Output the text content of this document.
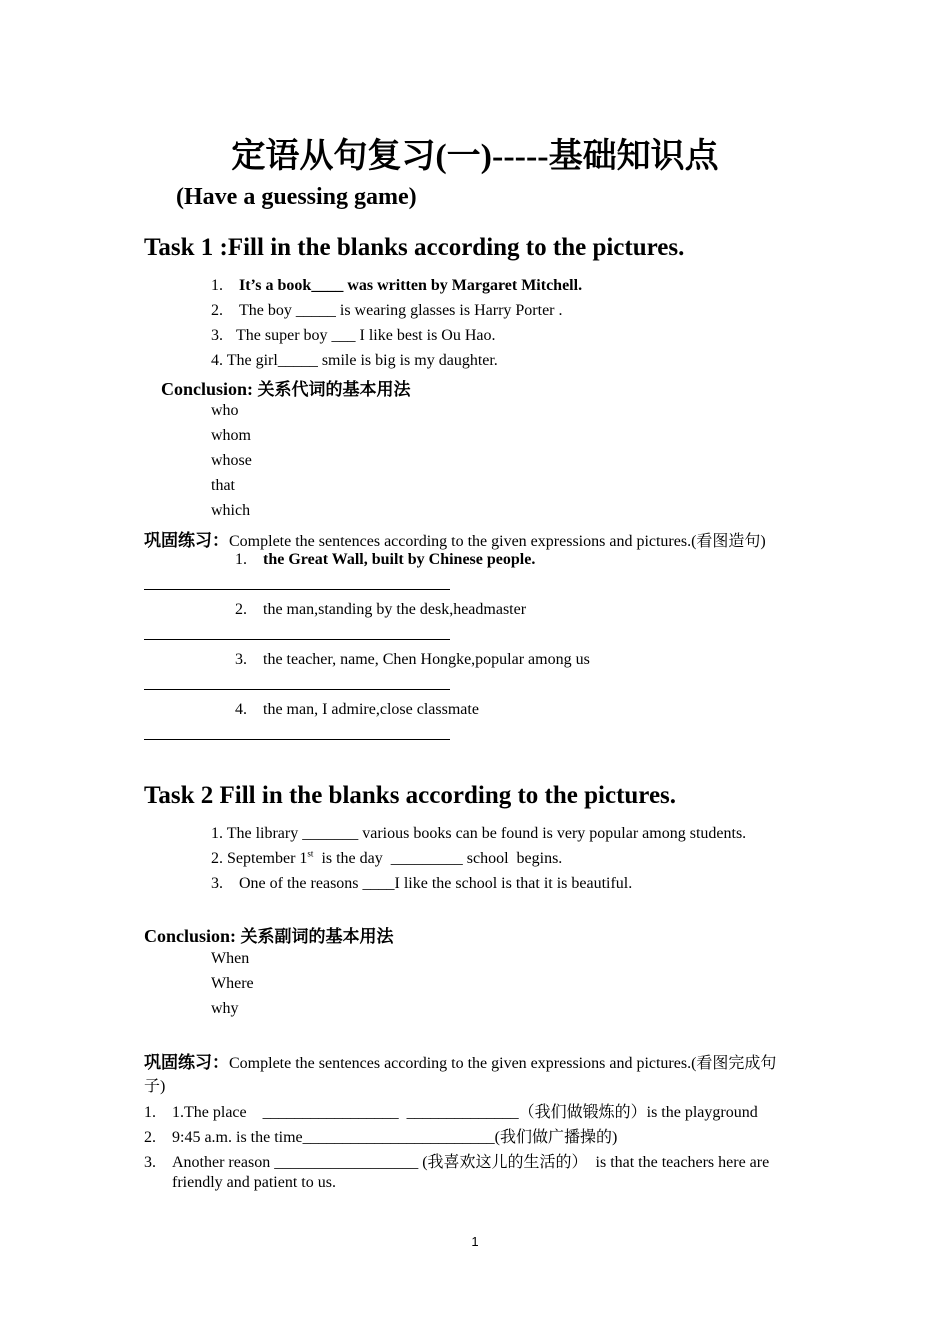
定语从句复习(一)-----基础知识点
(Have a guessing game)
Task 1 :Fill in the blanks according to the pictures.
1. It’s a book____ was written by Margaret Mitchell.
2. The boy _____ is wearing glasses is Harry Porter .
3. The super boy ___ I like best is Ou Hao.
4. The girl_____ smile is big is my daughter.
Conclusion: 关系代词的基本用法
who
whom
whose
that
which
巩固练习：Complete the sentences according to the given expressions and pictures.(看图造句)
1. the Great Wall, built by Chinese people.
2. the man,standing by the desk,headmaster
3. the teacher, name, Chen Hongke,popular among us
4. the man, I admire,close classmate
Task 2 Fill in the blanks according to the pictures.
1. The library _______ various books can be found is very popular among students.
2. September 1st  is the day  _________ school  begins.
3. One of the reasons ____I like the school is that it is beautiful.
Conclusion: 关系副词的基本用法
When
Where
why
巩固练习：Complete the sentences according to the given expressions and pictures.(看图完成句
子)
1. 1.The place    _________________  ______________（我们做锻炼的）is the playground
2. 9:45 a.m. is the time________________________(我们做广播操的)
3. Another reason __________________ (我喜欢这儿的生活的）  is that the teachers here are
friendly and patient to us.
1
